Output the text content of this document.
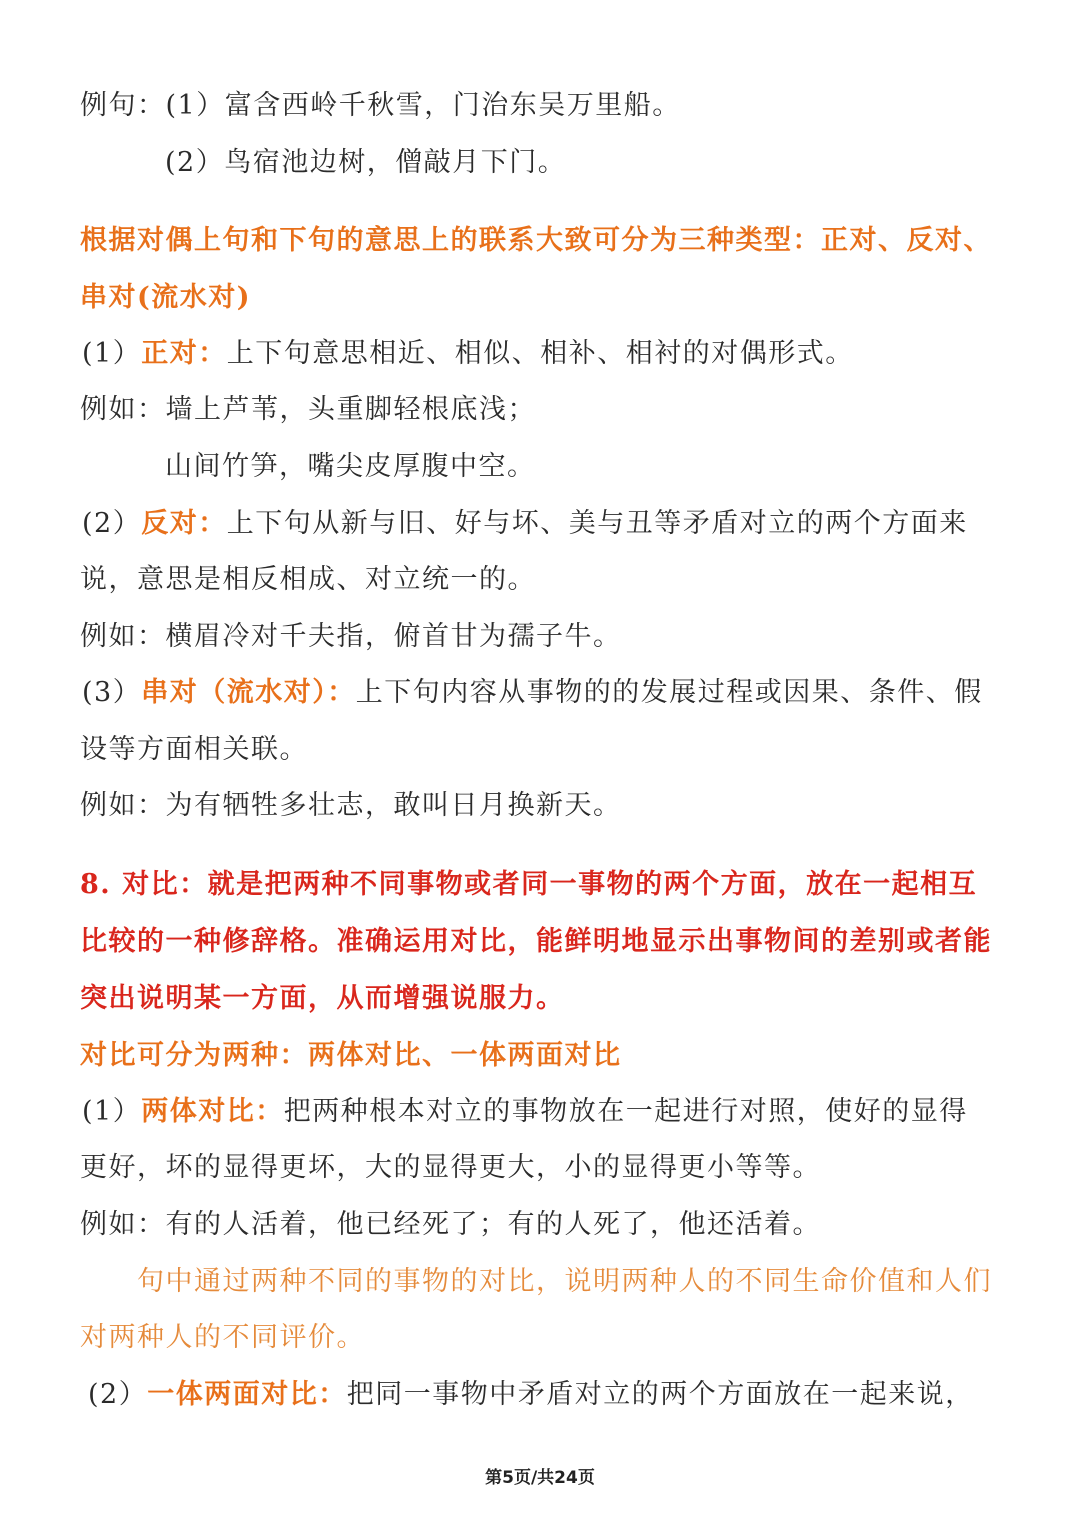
例句：(1）富含西岭千秋雪，门治东吴万里船。
(2）鸟宿池边树，僧敲月下门。
根据对偶上句和下句的意思上的联系大致可分为三种类型：正对、反对、
串对(流水对)
(1）正对：上下句意思相近、相似、相补、相衬的对偶形式。
例如：墙上芦苇，头重脚轻根底浅；
山间竹笋，嘴尖皮厚腹中空。
(2）反对：上下句从新与旧、好与坏、美与丑等矛盾对立的两个方面来
说，意思是相反相成、对立统一的。
例如：横眉冷对千夫指，俯首甘为孺子牛。
(3）串对（流水对）：上下句内容从事物的的发展过程或因果、条件、假
设等方面相关联。
例如：为有牺牲多壮志，敢叫日月换新天。
8. 对比：就是把两种不同事物或者同一事物的两个方面，放在一起相互
比较的一种修辞格。准确运用对比，能鲜明地显示出事物间的差别或者能
突出说明某一方面，从而增强说服力。
对比可分为两种：两体对比、一体两面对比
(1）两体对比：把两种根本对立的事物放在一起进行对照，使好的显得
更好，坏的显得更坏，大的显得更大，小的显得更小等等。
例如：有的人活着，他已经死了；有的人死了，他还活着。
句中通过两种不同的事物的对比，说明两种人的不同生命价值和人们
对两种人的不同评价。
(2）一体两面对比：把同一事物中矛盾对立的两个方面放在一起来说，
第5页/共24页
